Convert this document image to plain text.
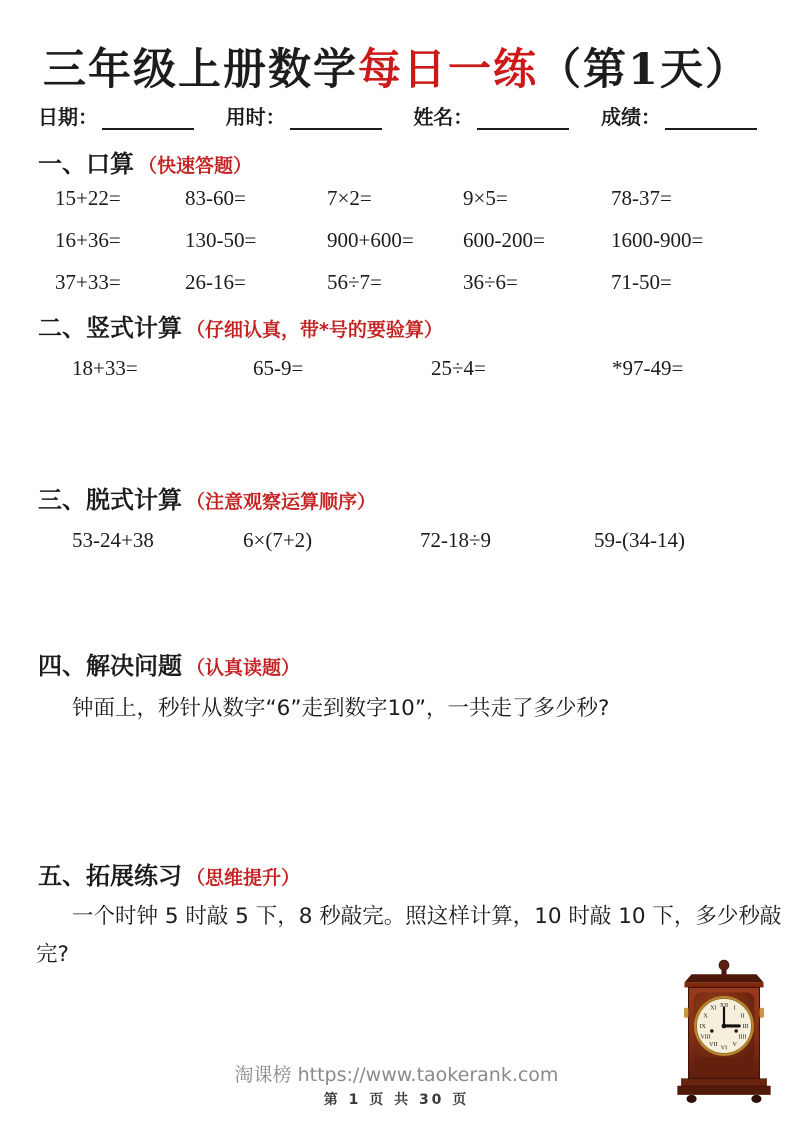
三年级上册数学每日一练（第1天）
日期：	用时：	姓名：	成绩：
一、口算 （快速答题）
15+22=	83-60=	7×2=	9×5=	78-37=
16+36=	130-50=	900+600=	600-200=	1600-900=
37+33=	26-16=	56÷7=	36÷6=	71-50=
二、竖式计算 （仔细认真，带*号的要验算）
18+33=	65-9=	25÷4=	*97-49=
三、脱式计算 （注意观察运算顺序）
53-24+38	6×(7+2)	72-18÷9	59-(34-14)
四、解决问题 （认真读题）
钟面上，秒针从数字“6”走到数字10”，一共走了多少秒?
五、拓展练习 （思维提升）
一个时钟 5 时敲 5 下，8 秒敲完。照这样计算，10 时敲 10 下，多少秒敲
完?
XII I
II
III
IIII
V
VI
VII
VIII
IX
X
XI
淘课榜 https://www.taokerank.com
第 1 页 共 30 页
